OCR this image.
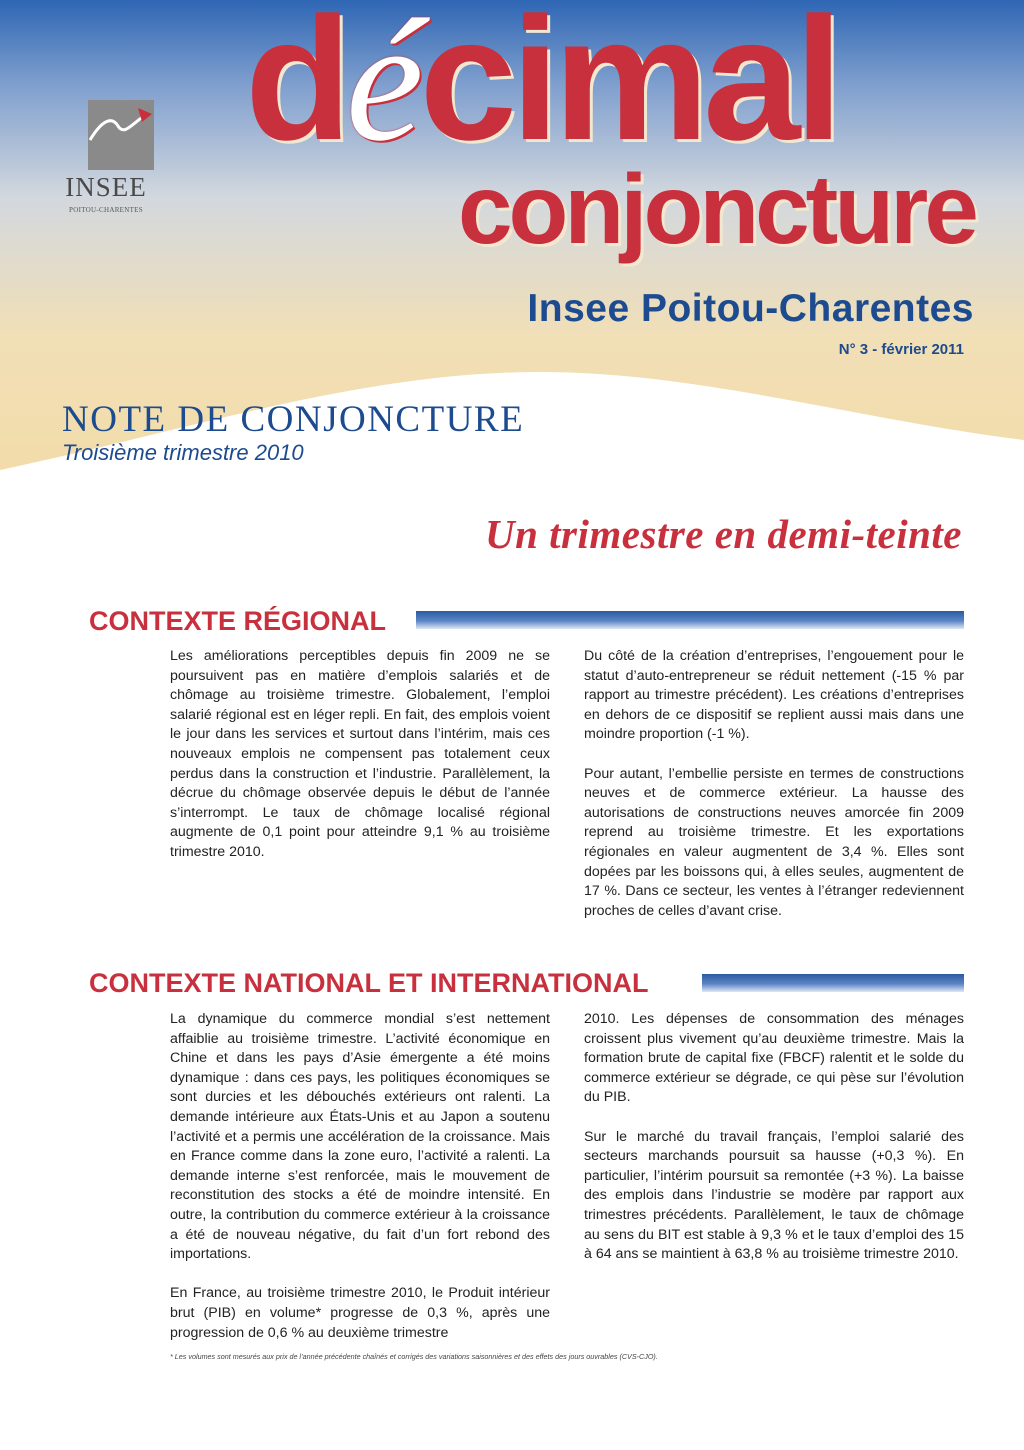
INSEE
POITOU-CHARENTES
décimal
conjoncture
Insee Poitou-Charentes
N° 3 - février 2011
NOTE DE CONJONCTURE
Troisième trimestre 2010
Un trimestre en demi-teinte
CONTEXTE RÉGIONAL

Les améliorations perceptibles depuis fin 2009 ne se poursuivent pas en matière d’emplois salariés et de chômage au troisième trimestre. Globalement, l’emploi salarié régional est en léger repli. En fait, des emplois voient le jour dans les services et surtout dans l’intérim, mais ces nouveaux emplois ne compensent pas totalement ceux perdus dans la construction et l’industrie. Parallèlement, la décrue du chômage observée depuis le début de l’année s’interrompt. Le taux de chômage localisé régional augmente de 0,1 point pour atteindre 9,1 % au troisième trimestre 2010.

Du côté de la création d’entreprises, l’engouement pour le statut d’auto-entrepreneur se réduit nettement (-15 % par rapport au trimestre précédent). Les créations d’entreprises en dehors de ce dispositif se replient aussi mais dans une moindre proportion (-1 %).

Pour autant, l’embellie persiste en termes de constructions neuves et de commerce extérieur. La hausse des autorisations de constructions neuves amorcée fin 2009 reprend au troisième trimestre. Et les exportations régionales en valeur augmentent de 3,4 %. Elles sont dopées par les boissons qui, à elles seules, augmentent de 17 %. Dans ce secteur, les ventes à l’étranger redeviennent proches de celles d’avant crise.

CONTEXTE NATIONAL ET INTERNATIONAL

La dynamique du commerce mondial s’est nettement affaiblie au troisième trimestre. L’activité économique en Chine et dans les pays d’Asie émergente a été moins dynamique : dans ces pays, les politiques économiques se sont durcies et les débouchés extérieurs ont ralenti. La demande intérieure aux États-Unis et au Japon a soutenu l’activité et a permis une accélération de la croissance. Mais en France comme dans la zone euro, l’activité a ralenti. La demande interne s’est renforcée, mais le mouvement de reconstitution des stocks a été de moindre intensité. En outre, la contribution du commerce extérieur à la croissance a été de nouveau négative, du fait d’un fort rebond des importations.

En France, au troisième trimestre 2010, le Produit intérieur brut (PIB) en volume* progresse de 0,3 %, après une progression de 0,6 % au deuxième trimestre

2010. Les dépenses de consommation des ménages croissent plus vivement qu’au deuxième trimestre. Mais la formation brute de capital fixe (FBCF) ralentit et le solde du commerce extérieur se dégrade, ce qui pèse sur l’évolution du PIB.

Sur le marché du travail français, l’emploi salarié des secteurs marchands poursuit sa hausse (+0,3 %). En particulier, l’intérim poursuit sa remontée (+3 %). La baisse des emplois dans l’industrie se modère par rapport aux trimestres précédents. Parallèlement, le taux de chômage au sens du BIT est stable à 9,3 % et le taux d’emploi des 15 à 64 ans se maintient à 63,8 % au troisième trimestre 2010.

* Les volumes sont mesurés aux prix de l’année précédente chaînés et corrigés des variations saisonnières et des effets des jours ouvrables (CVS-CJO).
